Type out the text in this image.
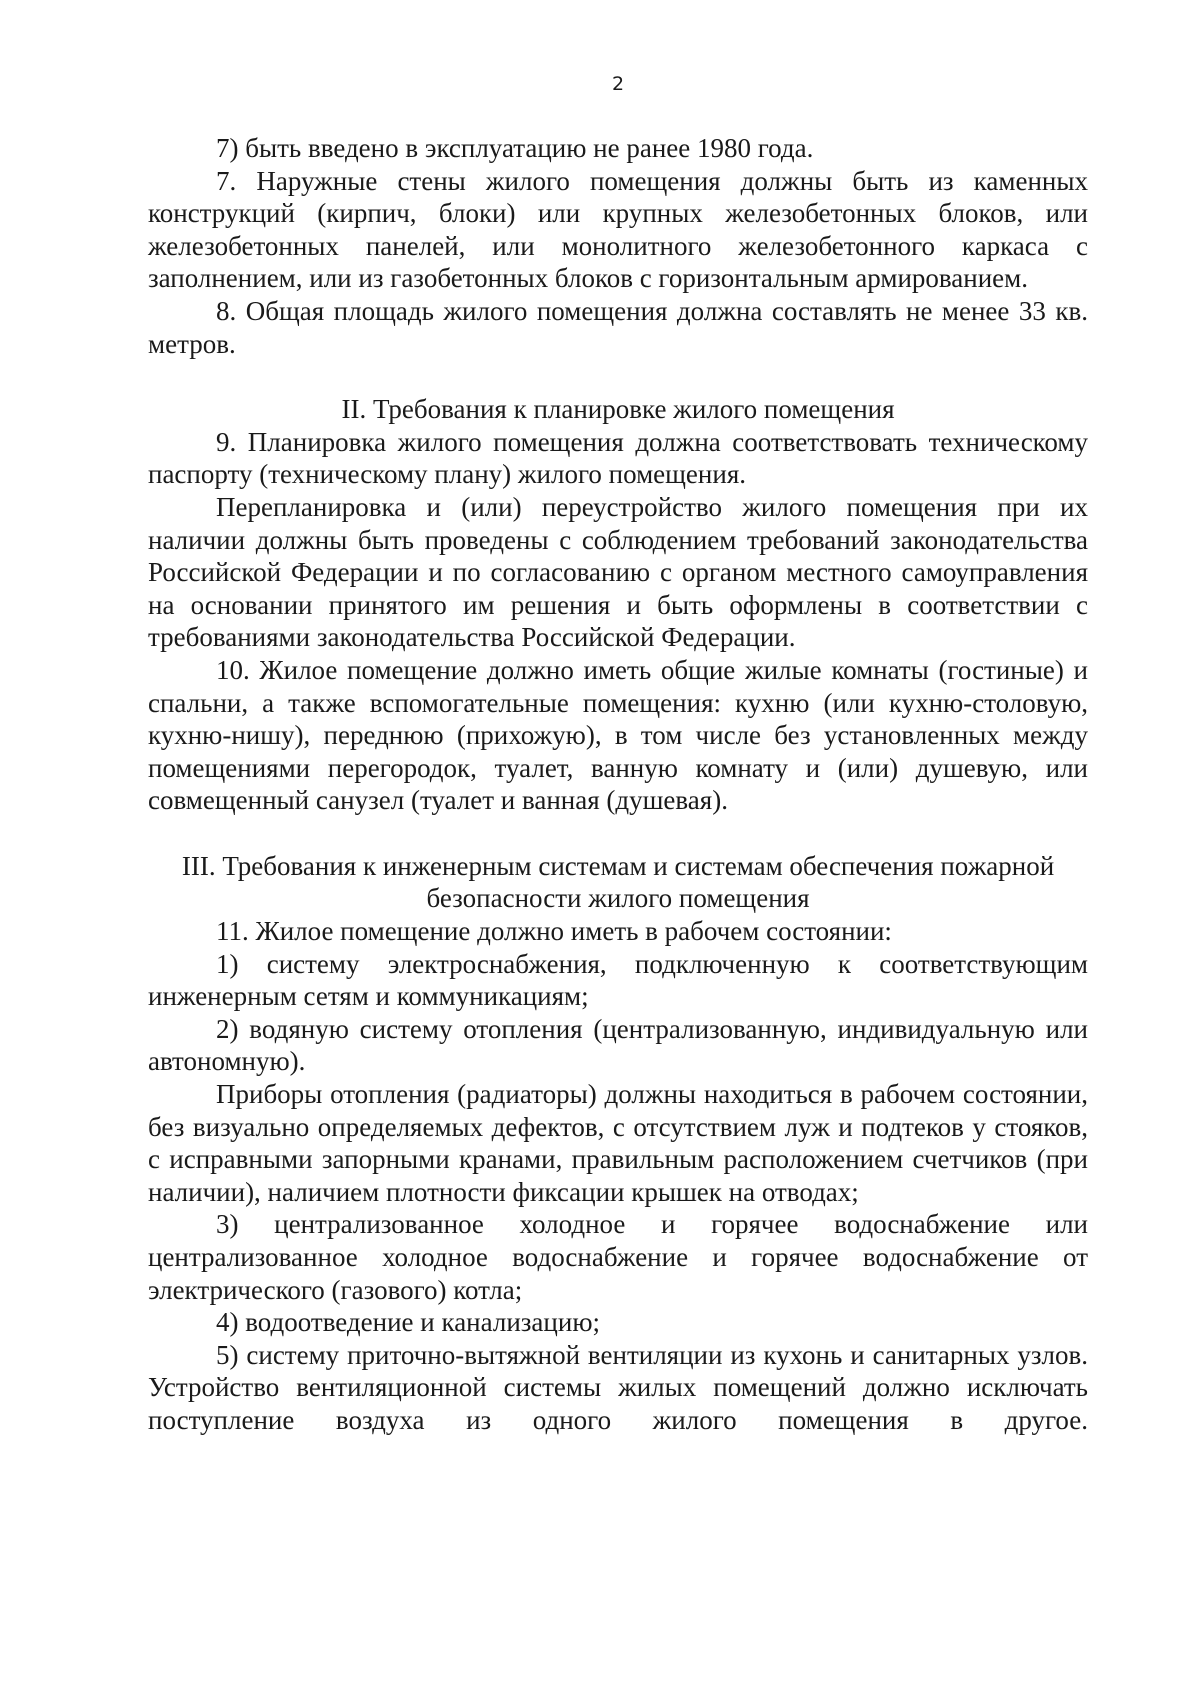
2

7) быть введено в эксплуатацию не ранее 1980 года.

7. Наружные стены жилого помещения должны быть из каменных конструкций (кирпич, блоки) или крупных железобетонных блоков, или железобетонных панелей, или монолитного железобетонного каркаса с заполнением, или из газобетонных блоков с горизонтальным армированием.

8. Общая площадь жилого помещения должна составлять не менее 33 кв. метров.

II. Требования к планировке жилого помещения

9. Планировка жилого помещения должна соответствовать техническому паспорту (техническому плану) жилого помещения.

Перепланировка и (или) переустройство жилого помещения при их наличии должны быть проведены с соблюдением требований законодательства Российской Федерации и по согласованию с органом местного самоуправления на основании принятого им решения и быть оформлены в соответствии с требованиями законодательства Российской Федерации.

10. Жилое помещение должно иметь общие жилые комнаты (гостиные) и спальни, а также вспомогательные помещения: кухню (или кухню-столовую, кухню-нишу), переднюю (прихожую), в том числе без установленных между помещениями перегородок, туалет, ванную комнату и (или) душевую, или совмещенный санузел (туалет и ванная (душевая).

III. Требования к инженерным системам и системам обеспечения пожарной безопасности жилого помещения

11. Жилое помещение должно иметь в рабочем состоянии:

1) систему электроснабжения, подключенную к соответствующим инженерным сетям и коммуникациям;

2) водяную систему отопления (централизованную, индивидуальную или автономную).

Приборы отопления (радиаторы) должны находиться в рабочем состоянии, без визуально определяемых дефектов, с отсутствием луж и подтеков у стояков, с исправными запорными кранами, правильным расположением счетчиков (при наличии), наличием плотности фиксации крышек на отводах;

3) централизованное холодное и горячее водоснабжение или централизованное холодное водоснабжение и горячее водоснабжение от электрического (газового) котла;

4) водоотведение и канализацию;

5) систему приточно-вытяжной вентиляции из кухонь и санитарных узлов. Устройство вентиляционной системы жилых помещений должно исключать поступление воздуха из одного жилого помещения в другое.
